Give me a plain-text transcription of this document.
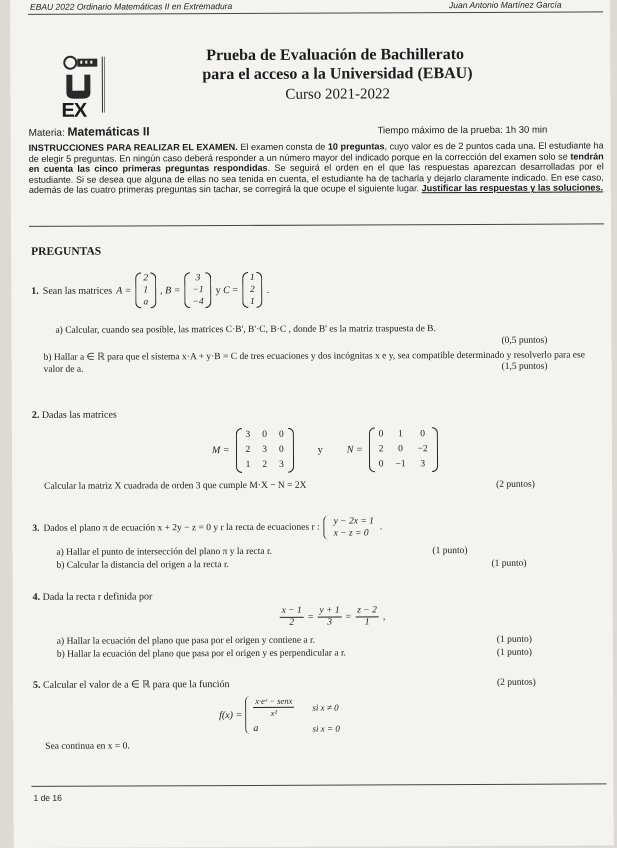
EBAU 2022 Ordinario Matemáticas II en Extremadura	Juan Antonio Martínez García
EX
Prueba de Evaluación de Bachillerato
para el acceso a la Universidad (EBAU)
Curso 2021-2022
Materia: Matemáticas II	Tiempo máximo de la prueba: 1h 30 min
INSTRUCCIONES PARA REALIZAR EL EXAMEN. El examen consta de 10 preguntas, cuyo valor es de 2 puntos cada una. El estudiante ha de elegir 5 preguntas. En ningún caso deberá responder a un número mayor del indicado porque en la corrección del examen solo se tendrán en cuenta las cinco primeras preguntas respondidas. Se seguirá el orden en el que las respuestas aparezcan desarrolladas por el estudiante. Si se desea que alguna de ellas no sea tenida en cuenta, el estudiante ha de tacharla y dejarlo claramente indicado. En ese caso, además de las cuatro primeras preguntas sin tachar, se corregirá la que ocupe el siguiente lugar. Justificar las respuestas y las soluciones.
PREGUNTAS
1. Sean las matrices A =
2
1
a
, B =
3
−1
−4
y C =
1
2
1
.
a) Calcular, cuando sea posible, las matrices C·B', B'·C, B·C , donde B' es la matriz traspuesta de B.
(0,5 puntos)
b) Hallar a ∈ ℝ para que el sistema x·A + y·B = C de tres ecuaciones y dos incógnitas x e y, sea compatible determinado y resolverlo para ese valor de a.	(1,5 puntos)
2. Dadas las matrices
M =
3 0 0
2 3 0
1 2 3
y N =
0 1 0
2 0 −2
0 −1 3
Calcular la matriz X cuadrada de orden 3 que cumple M·X − N = 2X	(2 puntos)
3. Dados el plano π de ecuación x + 2y − z = 0 y r la recta de ecuaciones r :
y − 2x = 1
x − z = 0
.
a) Hallar el punto de intersección del plano π y la recta r.	(1 punto)
b) Calcular la distancia del origen a la recta r.	(1 punto)
4. Dada la recta r definida por
$\frac{x - 1}{2} = \frac{y + 1}{3} = \frac{z - 2}{1}$ ,
a) Hallar la ecuación del plano que pasa por el origen y contiene a r.	(1 punto)
b) Hallar la ecuación del plano que pasa por el origen y es perpendicular a r.	(1 punto)
5. Calcular el valor de a ∈ ℝ para que la función	(2 puntos)
$f(x) = \frac{\text{x·eˣ − senx}}{\text{x²}}$ si x ≠ 0
a	si x = 0
Sea continua en x = 0.
1 de 16
